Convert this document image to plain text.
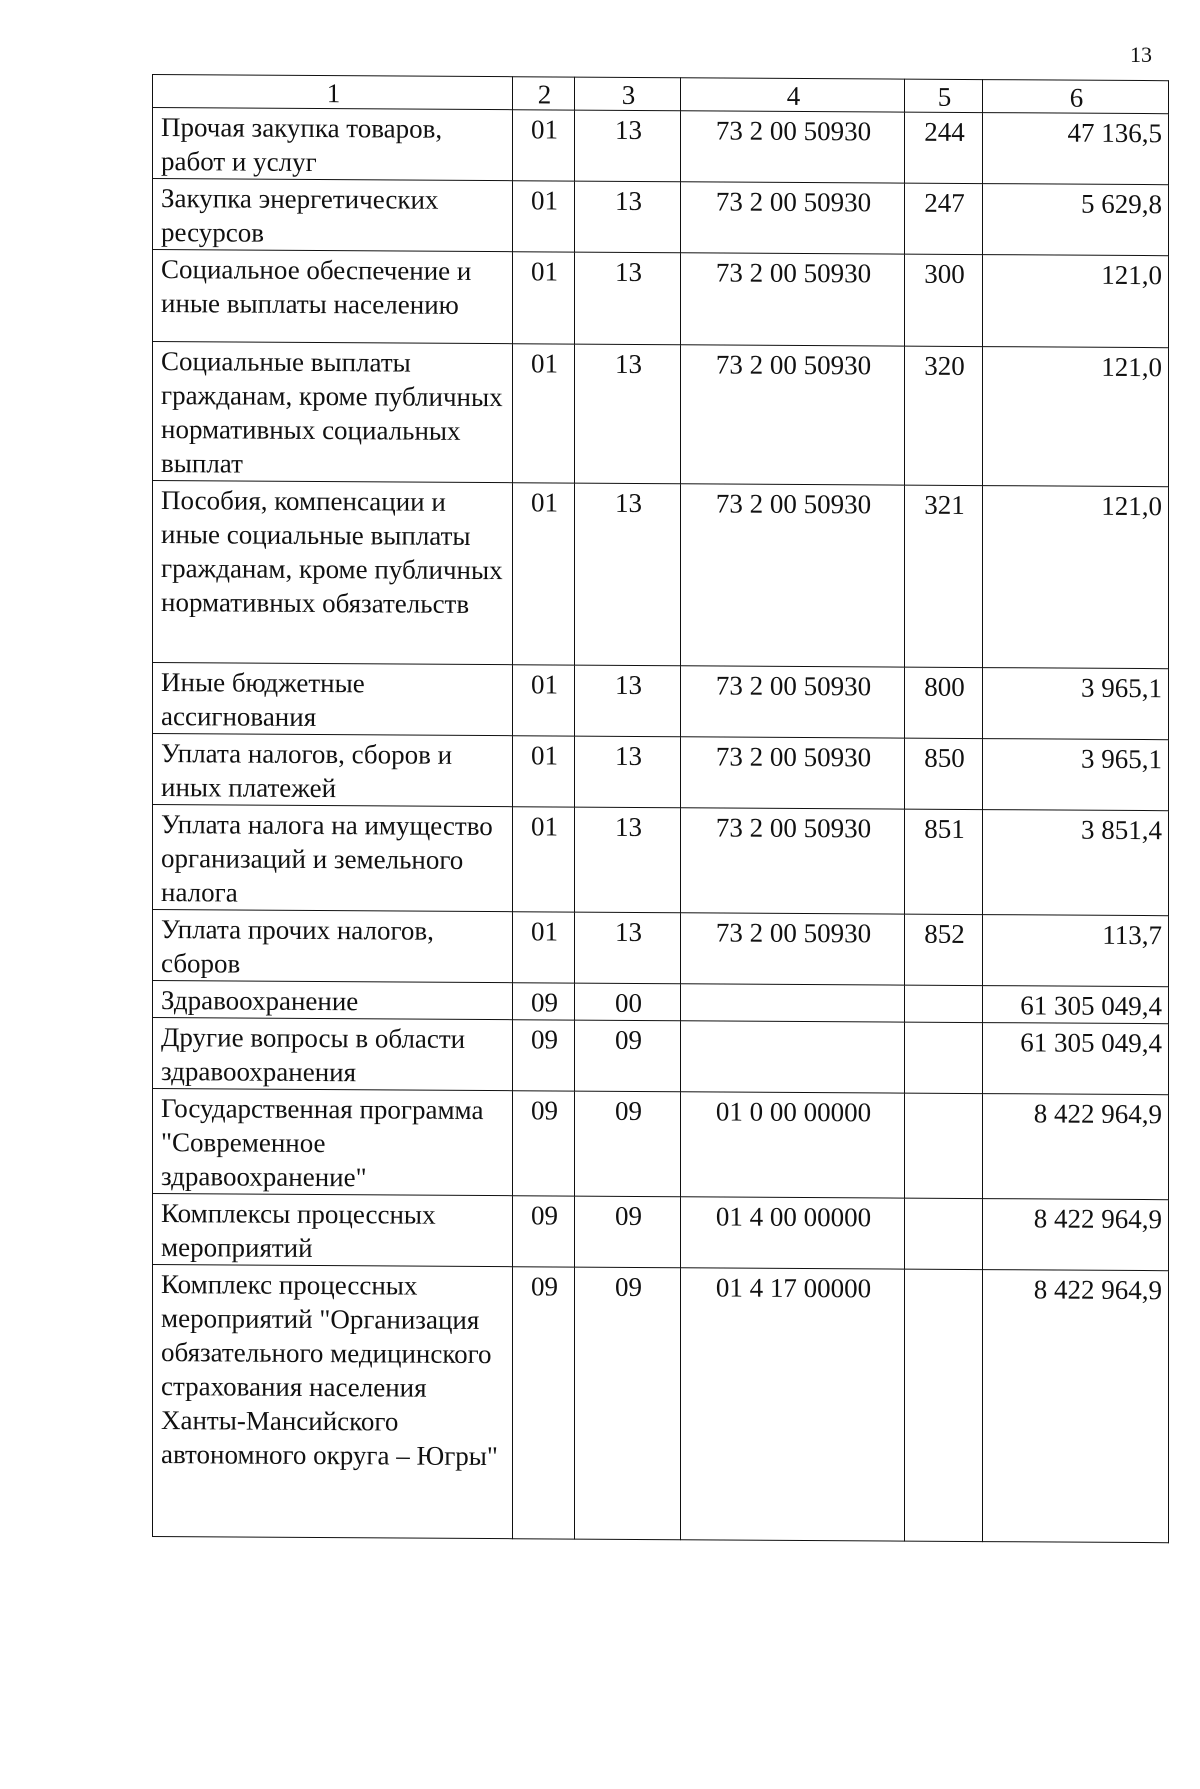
13
1	2	3	4	5	6
Прочая закупка товаров, работ и услуг	01	13	73 2 00 50930	244	47 136,5
Закупка энергетических ресурсов	01	13	73 2 00 50930	247	5 629,8
Социальное обеспечение и иные выплаты населению	01	13	73 2 00 50930	300	121,0
Социальные выплаты гражданам, кроме публичных нормативных социальных выплат	01	13	73 2 00 50930	320	121,0
Пособия, компенсации и иные социальные выплаты гражданам, кроме публичных нормативных обязательств	01	13	73 2 00 50930	321	121,0
Иные бюджетные ассигнования	01	13	73 2 00 50930	800	3 965,1
Уплата налогов, сборов и иных платежей	01	13	73 2 00 50930	850	3 965,1
Уплата налога на имущество организаций и земельного налога	01	13	73 2 00 50930	851	3 851,4
Уплата прочих налогов, сборов	01	13	73 2 00 50930	852	113,7
Здравоохранение	09	00			61 305 049,4
Другие вопросы в области здравоохранения	09	09			61 305 049,4
Государственная программа "Современное здравоохранение"	09	09	01 0 00 00000		8 422 964,9
Комплексы процессных мероприятий	09	09	01 4 00 00000		8 422 964,9
Комплекс процессных мероприятий "Организация обязательного медицинского страхования населения Ханты-Мансийского автономного округа – Югры"	09	09	01 4 17 00000		8 422 964,9
